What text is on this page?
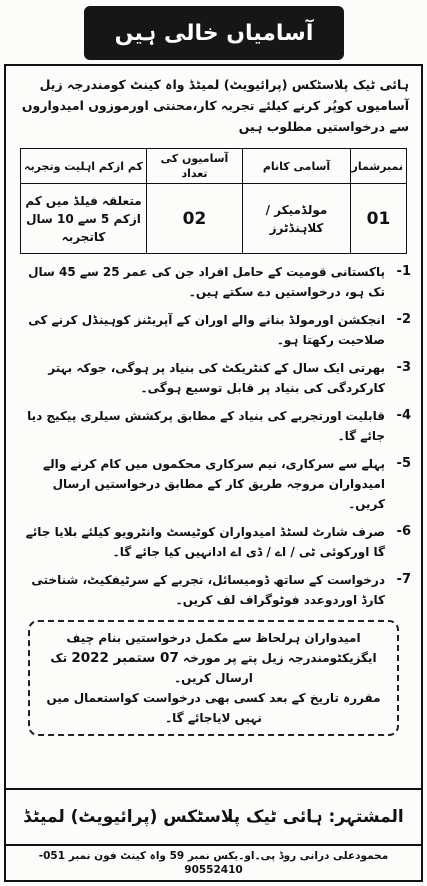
آسامیاں خالی ہیں
ہائی ٹیک پلاسٹکس (پرائیویٹ) لمیٹڈ واہ کینٹ کومندرجہ زیل آسامیوں کوپُر کرنے کیلئے تجربہ کار،محنتی اورموزوں امیدواروں سے درخواستیں مطلوب ہیں
نمبرشمار	آسامی کانام	آسامیوں کی تعداد	کم ازکم اہلیت وتجربہ
01	مولڈمیکر / کلاہنڈٹرز	02	متعلقہ فیلڈ میں کم ازکم 5 سے 10 سال کاتجربہ
1-
پاکستانی قومیت کے حامل افراد جن کی عمر 25 سے 45 سال تک ہو، درخواستیں دے سکتے ہیں۔
2-
انجکشن اورمولڈ بنانے والے اوران کے آپریٹنز کوہینڈل کرنے کی صلاحیت رکھتا ہو۔
3-
بھرتی ایک سال کے کنٹریکٹ کی بنیاد پر ہوگی، جوکہ بہتر کارکردگی کی بنیاد پر قابل توسیع ہوگی۔
4-
قابلیت اورتجربے کی بنیاد کے مطابق پرکشش سیلری پیکیج دیا جائے گا۔
5-
پہلے سے سرکاری، نیم سرکاری محکموں میں کام کرنے والے امیدواران مروجہ طریق کار کے مطابق درخواستیں ارسال کریں۔
6-
صرف شارٹ لسٹڈ امیدواران کوٹیسٹ وانٹرویو کیلئے بلایا جائے گا اورکوئی ٹی / اے / ڈی اے ادانہیں کیا جائے گا۔
7-
درخواست کے ساتھ ڈومیسائل، تجربے کے سرٹیفکیٹ، شناختی کارڈ اوردوعدد فوٹوگراف لف کریں۔
امیدواران ہرلحاظ سے مکمل درخواستیں بنام چیف ایگزیکٹومندرجہ زیل پتے پر مورخہ 07 ستمبر 2022 تک ارسال کریں۔
مقررہ تاریخ کے بعد کسی بھی درخواست کواستعمال میں نہیں لایاجائے گا۔
المشتہر: ہائی ٹیک پلاسٹکس (پرائیویٹ) لمیٹڈ
محمودعلی درانی روڈ پی۔او۔بکس نمبر 59 واہ کینٹ فون نمبر 051-90552410
